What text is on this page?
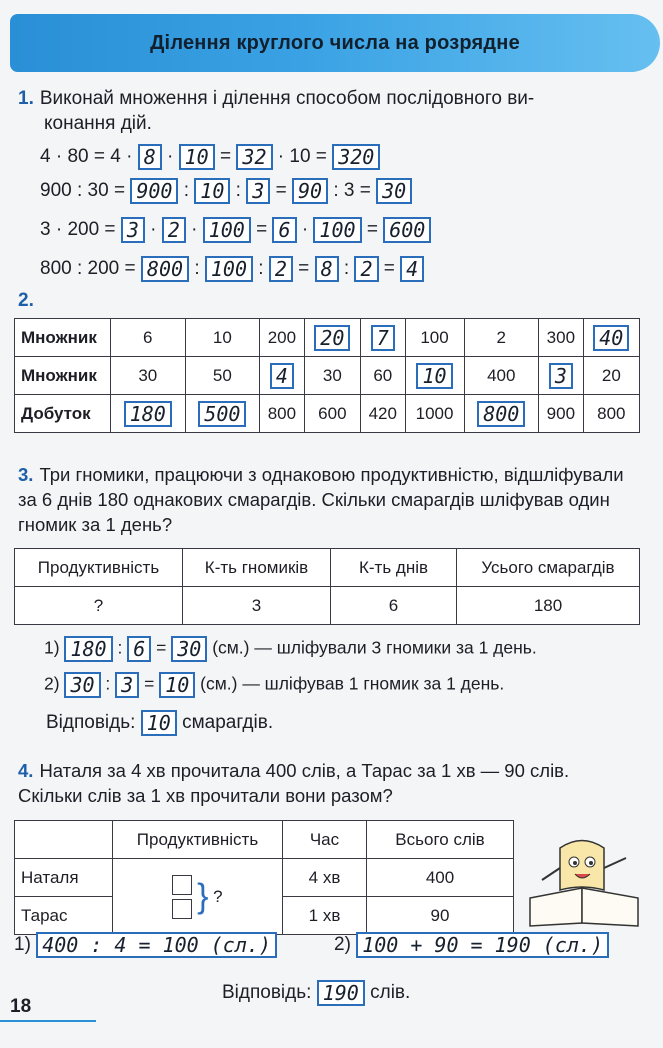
Ділення круглого числа на розрядне
1. Виконай множення і ділення способом послідовного ви-
конання дій.
4 · 80 = 4 · 8 · 10 = 32 · 10 = 320
900 : 30 = 900 : 10 : 3 = 90 : 3 = 30
3 · 200 = 3 · 2 · 100 = 6 · 100 = 600
800 : 200 = 800 : 100 : 2 = 8 : 2 = 4
2.
Множник	6	10	200	20	7	100	2	300	40
Множник	30	50	4	30	60	10	400	3	20
Добуток	180	500	800	600	420	1000	800	900	800
3. Три гномики, працюючи з однаковою продуктивністю, відшліфували за 6 днів 180 однакових смарагдів. Скільки смарагдів шліфував один гномик за 1 день?
Продуктивність	К-ть гномиків	К-ть днів	Усього смарагдів
?	3	6	180
1) 180 : 6 = 30 (см.) — шліфували 3 гномики за 1 день.
2) 30 : 3 = 10 (см.) — шліфував 1 гномик за 1 день.
Відповідь: 10 смарагдів.
4. Наталя за 4 хв прочитала 400 слів, а Тарас за 1 хв — 90 слів. Скільки слів за 1 хв прочитали вони разом?
	Продуктивність	Час	Всього слів
Наталя	} ?	4 хв	400
Тарас		1 хв	90
1) 400 : 4 = 100 (сл.)	2) 100 + 90 = 190 (сл.)
Відповідь: 190 слів.
18
